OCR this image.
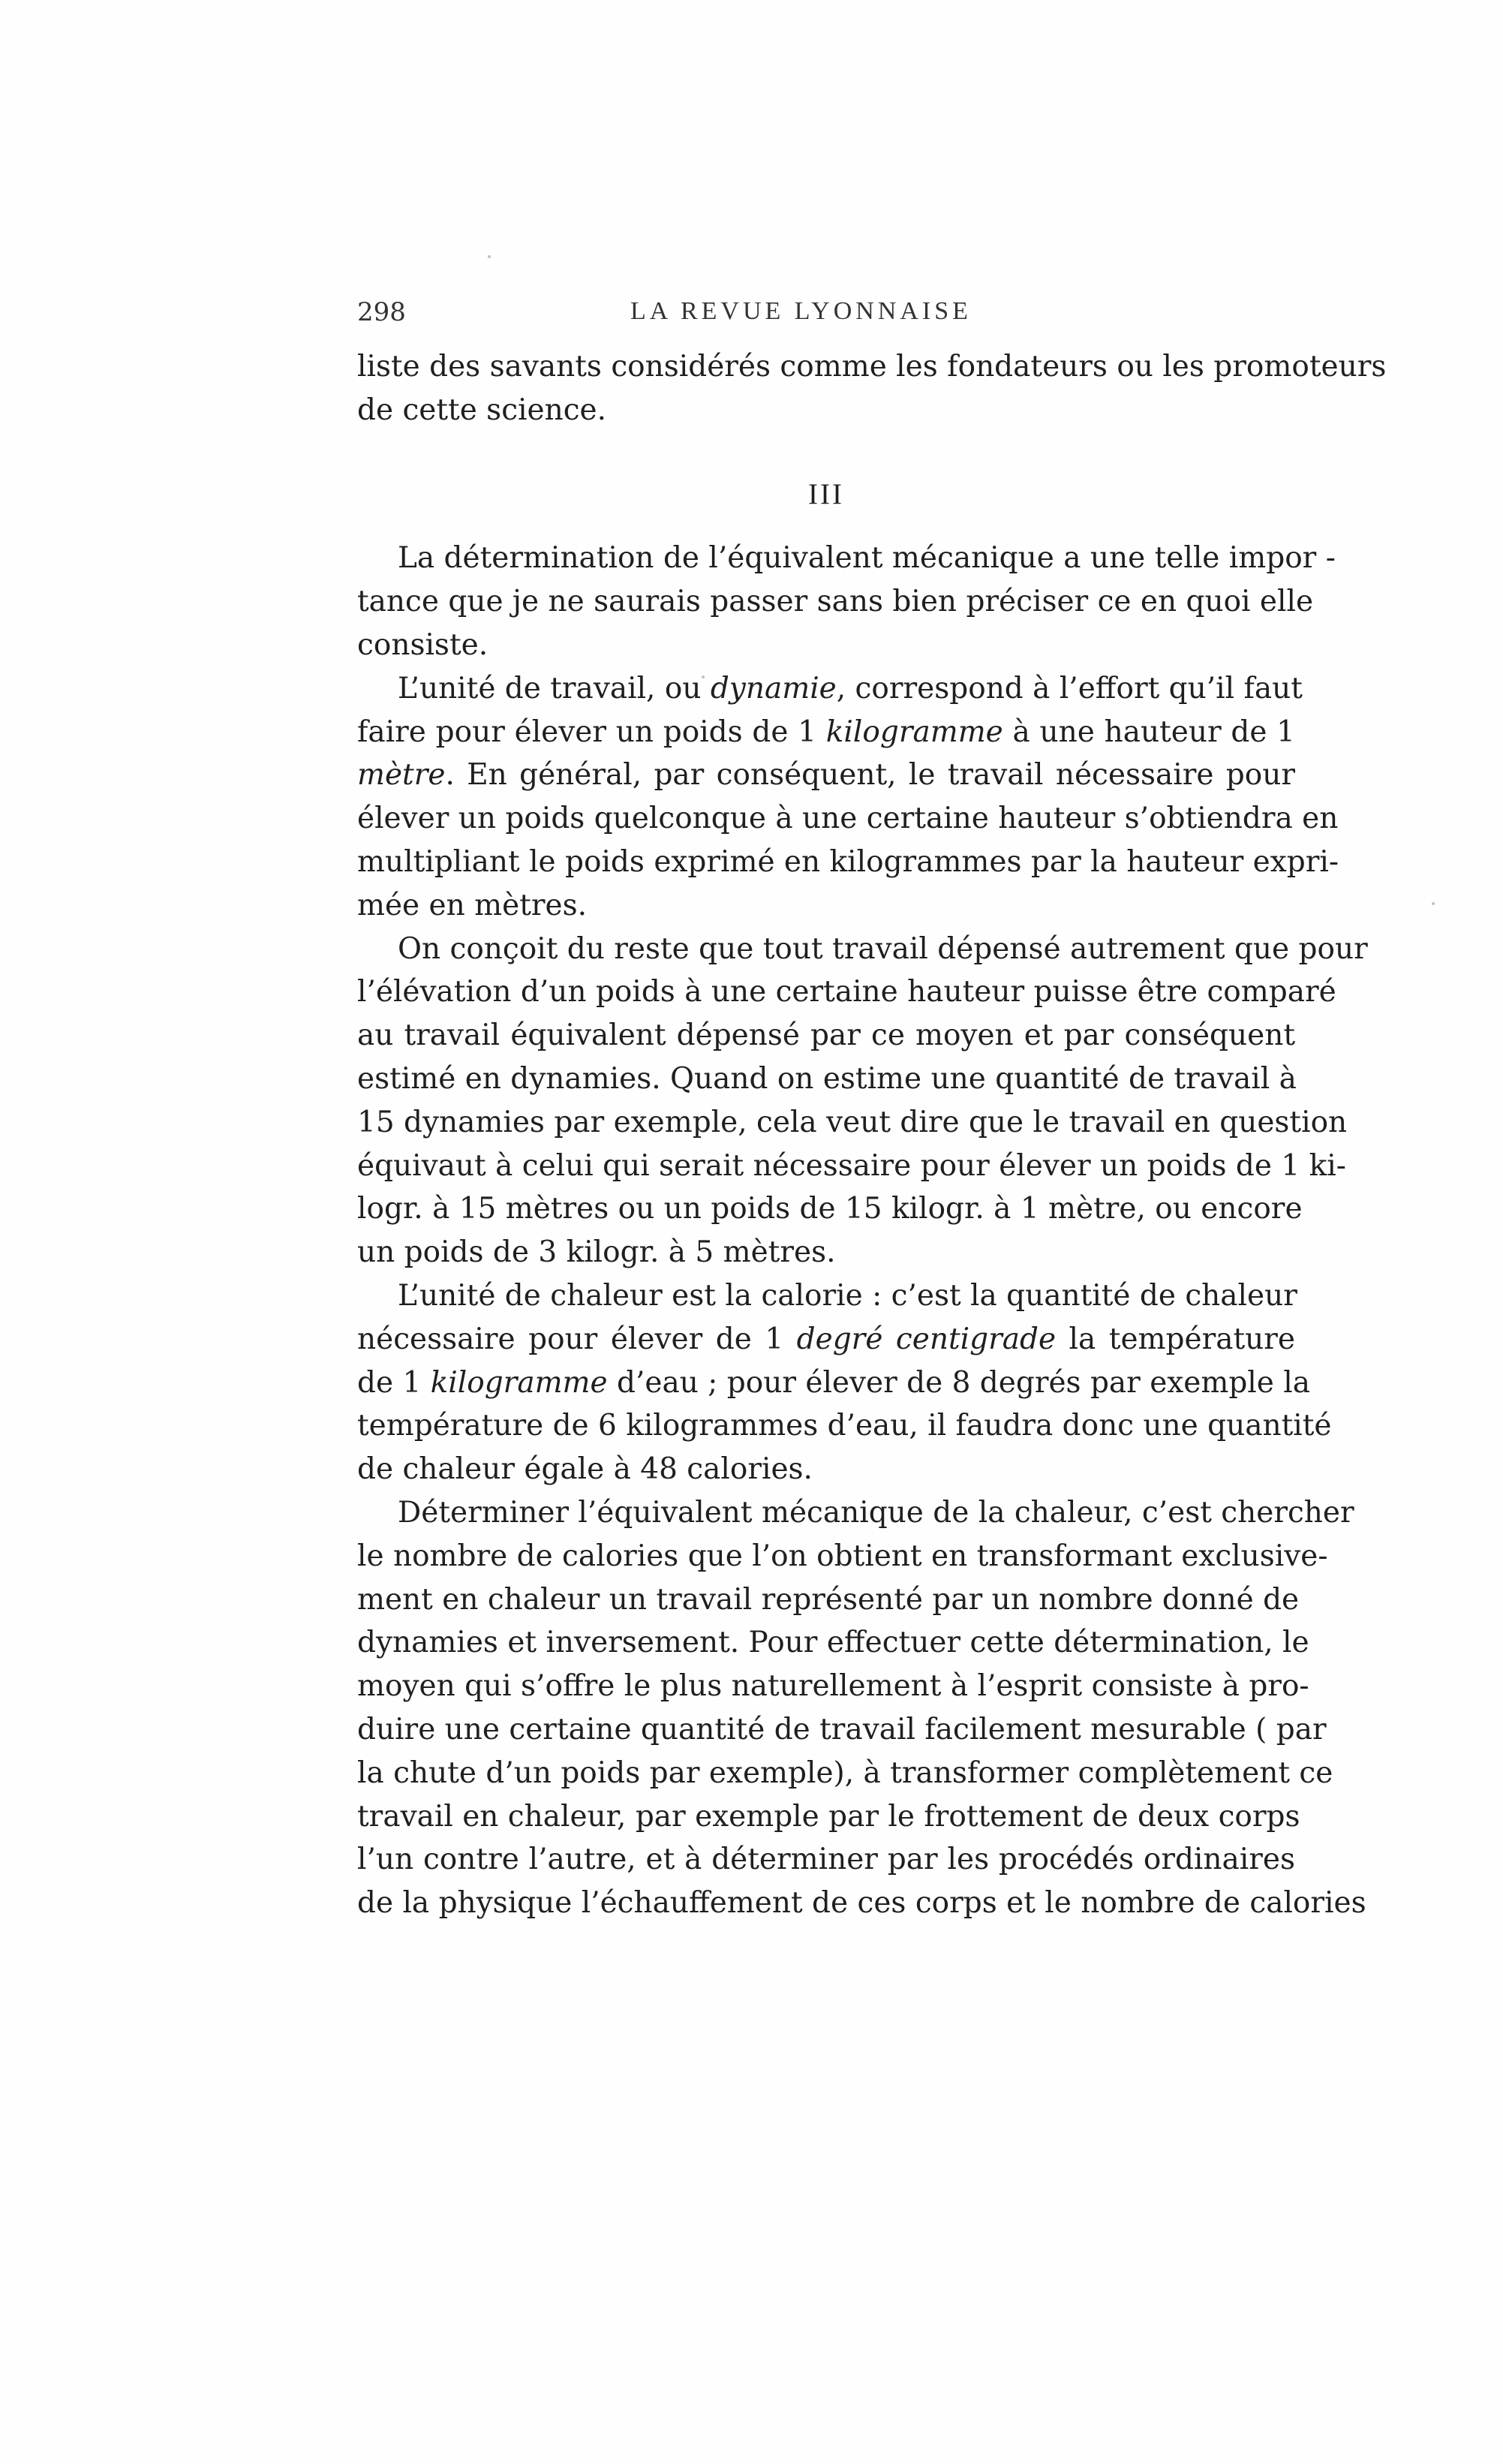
298	LA REVUE LYONNAISE
liste des savants considérés comme les fondateurs ou les promoteurs
de cette science.
III
La détermination de l’équivalent mécanique a une telle impor -
tance que je ne saurais passer sans bien préciser ce en quoi elle
consiste.
L’unité de travail, ou dynamie, correspond à l’effort qu’il faut
faire pour élever un poids de 1 kilogramme à une hauteur de 1
mètre. En général, par conséquent, le travail nécessaire pour
élever un poids quelconque à une certaine hauteur s’obtiendra en
multipliant le poids exprimé en kilogrammes par la hauteur expri-
mée en mètres.
On conçoit du reste que tout travail dépensé autrement que pour
l’élévation d’un poids à une certaine hauteur puisse être comparé
au travail équivalent dépensé par ce moyen et par conséquent
estimé en dynamies. Quand on estime une quantité de travail à
15 dynamies par exemple, cela veut dire que le travail en question
équivaut à celui qui serait nécessaire pour élever un poids de 1 ki-
logr. à 15 mètres ou un poids de 15 kilogr. à 1 mètre, ou encore
un poids de 3 kilogr. à 5 mètres.
L’unité de chaleur est la calorie : c’est la quantité de chaleur
nécessaire pour élever de 1 degré centigrade la température
de 1 kilogramme d’eau ; pour élever de 8 degrés par exemple la
température de 6 kilogrammes d’eau, il faudra donc une quantité
de chaleur égale à 48 calories.
Déterminer l’équivalent mécanique de la chaleur, c’est chercher
le nombre de calories que l’on obtient en transformant exclusive-
ment en chaleur un travail représenté par un nombre donné de
dynamies et inversement. Pour effectuer cette détermination, le
moyen qui s’offre le plus naturellement à l’esprit consiste à pro-
duire une certaine quantité de travail facilement mesurable ( par
la chute d’un poids par exemple), à transformer complètement ce
travail en chaleur, par exemple par le frottement de deux corps
l’un contre l’autre, et à déterminer par les procédés ordinaires
de la physique l’échauffement de ces corps et le nombre de calories
